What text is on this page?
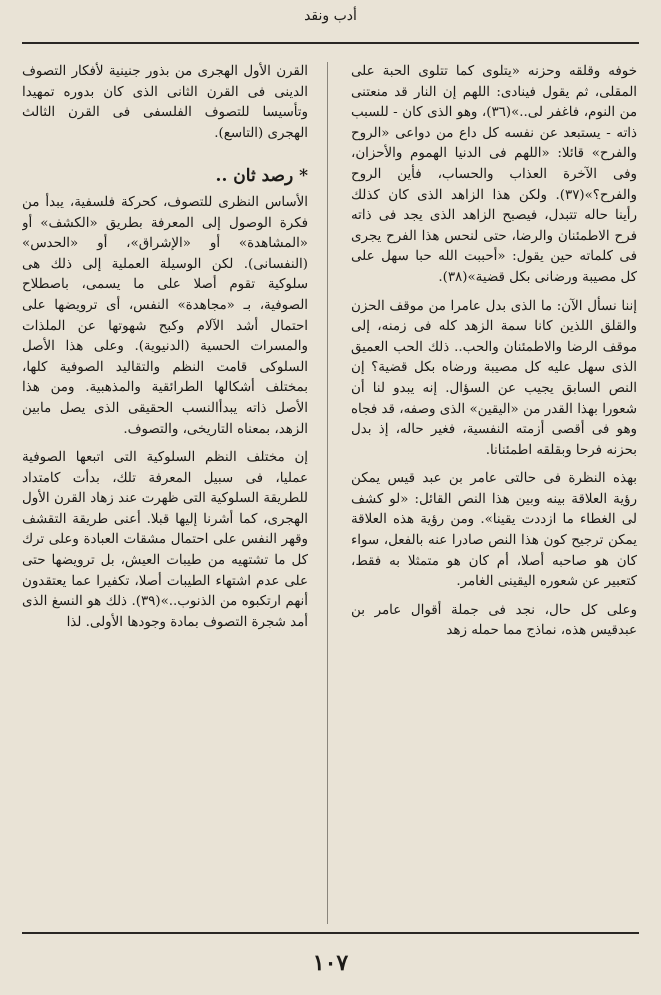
أدب ونقد

خوفه وقلقه وحزنه «يتلوى كما تتلوى الحبة على المقلى، ثم يقول فينادى: اللهم إن النار قد منعتنى من النوم، فاغفر لى..»(٣٦)، وهو الذى كان - للسبب ذاته - يستبعد عن نفسه كل داع من دواعى «الروح والفرح» قائلا: «اللهم فى الدنيا الهموم والأحزان، وفى الآخرة العذاب والحساب، فأين الروح والفرح؟»(٣٧). ولكن هذا الزاهد الذى كان كذلك رأينا حاله تتبدل، فيصبح الزاهد الذى يجد فى ذاته فرح الاطمئنان والرضا، حتى لنحس هذا الفرح يجرى فى كلماته حين يقول: «أحببت الله حبا سهل على كل مصيبة ورضانى بكل قضية»(٣٨).

إننا نسأل الآن: ما الذى بدل عامرا من موقف الحزن والقلق اللذين كانا سمة الزهد كله فى زمنه، إلى موقف الرضا والاطمئنان والحب.. ذلك الحب العميق الذى سهل عليه كل مصيبة ورضاه بكل قضية؟ إن النص السابق يجيب عن السؤال. إنه يبدو لنا أن شعورا بهذا القدر من «اليقين» الذى وصفه، قد فجاه وهو فى أقصى أزمته النفسية، فغير حاله، إذ بدل بحزنه فرحا وبقلقه اطمئنانا.

بهذه النظرة فى حالتى عامر بن عبد قيس يمكن رؤية العلاقة بينه وبين هذا النص القائل: «لو كشف لى الغطاء ما ازددت يقينا». ومن رؤية هذه العلاقة يمكن ترجيح كون هذا النص صادرا عنه بالفعل، سواء كان هو صاحبه أصلا، أم كان هو متمثلا به فقط، كتعبير عن شعوره اليقينى الغامر.

وعلى كل حال، نجد فى جملة أقوال عامر بن عبدقيس هذه، نماذج مما حمله زهد

القرن الأول الهجرى من بذور جنينية لأفكار التصوف الدينى فى القرن الثانى الذى كان بدوره تمهيدا وتأسيسا للتصوف الفلسفى فى القرن الثالث الهجرى (التاسع).

* رصد ثان ..

الأساس النظرى للتصوف، كحركة فلسفية، يبدأ من فكرة الوصول إلى المعرفة بطريق «الكشف» أو «المشاهدة» أو «الإشراق»، أو «الحدس» (النفسانى). لكن الوسيلة العملية إلى ذلك هى سلوكية تقوم أصلا على ما يسمى، باصطلاح الصوفية، بـ «مجاهدة» النفس، أى ترويضها على احتمال أشد الآلام وكبح شهوتها عن الملذات والمسرات الحسية (الدنيوية). وعلى هذا الأصل السلوكى قامت النظم والتقاليد الصوفية كلها، بمختلف أشكالها الطرائقية والمذهبية. ومن هذا الأصل ذاته يبدأالنسب الحقيقى الذى يصل مابين الزهد، بمعناه التاريخى، والتصوف.

إن مختلف النظم السلوكية التى اتبعها الصوفية عمليا، فى سبيل المعرفة تلك، بدأت كامتداد للطريقة السلوكية التى ظهرت عند زهاد القرن الأول الهجرى، كما أشرنا إليها قبلا. أعنى طريقة التقشف وقهر النفس على احتمال مشقات العبادة وعلى ترك كل ما تشتهيه من طيبات العيش، بل ترويضها حتى على عدم اشتهاء الطيبات أصلا، تكفيرا عما يعتقدون أنهم ارتكبوه من الذنوب..»(٣٩). ذلك هو النسغ الذى أمد شجرة التصوف بمادة وجودها الأولى. لذا

١٠٧
